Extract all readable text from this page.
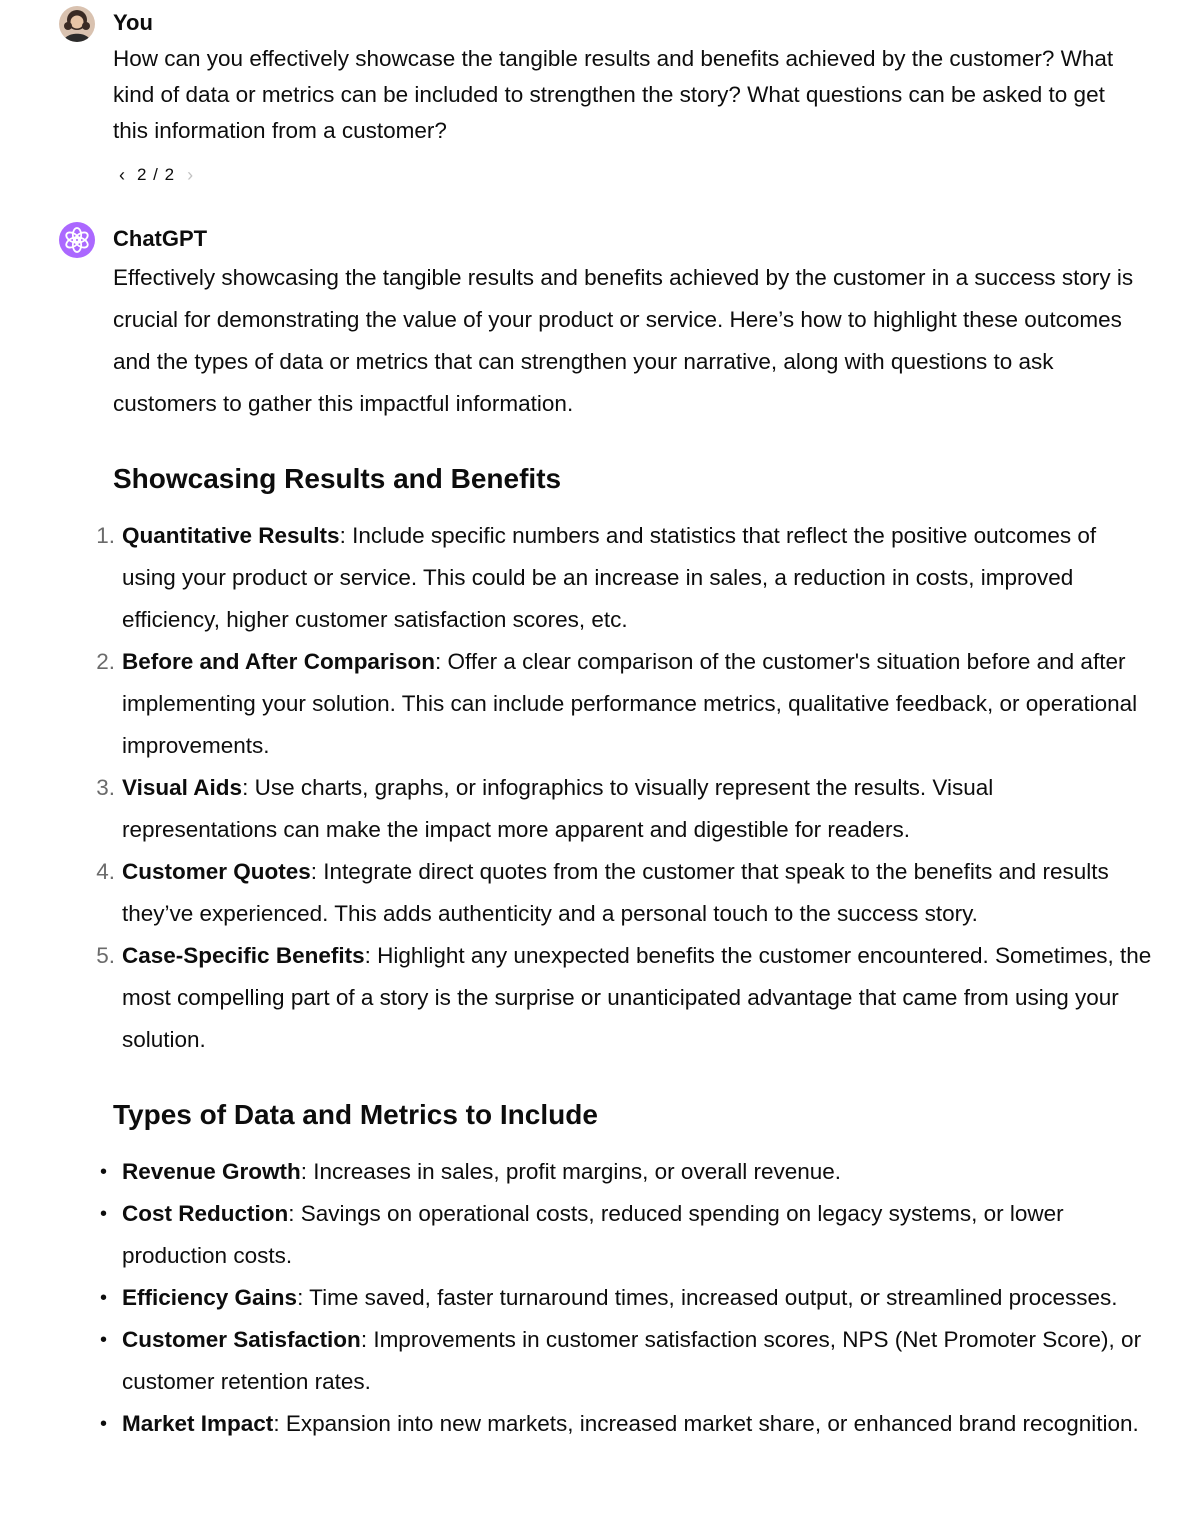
You

How can you effectively showcase the tangible results and benefits achieved by the customer? What kind of data or metrics can be included to strengthen the story? What questions can be asked to get this information from a customer?

‹ 2 / 2 ›
ChatGPT

Effectively showcasing the tangible results and benefits achieved by the customer in a success story is crucial for demonstrating the value of your product or service. Here’s how to highlight these outcomes and the types of data or metrics that can strengthen your narrative, along with questions to ask customers to gather this impactful information.

Showcasing Results and Benefits
1. Quantitative Results: Include specific numbers and statistics that reflect the positive outcomes of using your product or service. This could be an increase in sales, a reduction in costs, improved efficiency, higher customer satisfaction scores, etc.
2. Before and After Comparison: Offer a clear comparison of the customer's situation before and after implementing your solution. This can include performance metrics, qualitative feedback, or operational improvements.
3. Visual Aids: Use charts, graphs, or infographics to visually represent the results. Visual representations can make the impact more apparent and digestible for readers.
4. Customer Quotes: Integrate direct quotes from the customer that speak to the benefits and results they’ve experienced. This adds authenticity and a personal touch to the success story.
5. Case-Specific Benefits: Highlight any unexpected benefits the customer encountered. Sometimes, the most compelling part of a story is the surprise or unanticipated advantage that came from using your solution.
Types of Data and Metrics to Include
• Revenue Growth: Increases in sales, profit margins, or overall revenue.
• Cost Reduction: Savings on operational costs, reduced spending on legacy systems, or lower production costs.
• Efficiency Gains: Time saved, faster turnaround times, increased output, or streamlined processes.
• Customer Satisfaction: Improvements in customer satisfaction scores, NPS (Net Promoter Score), or customer retention rates.
• Market Impact: Expansion into new markets, increased market share, or enhanced brand recognition.
